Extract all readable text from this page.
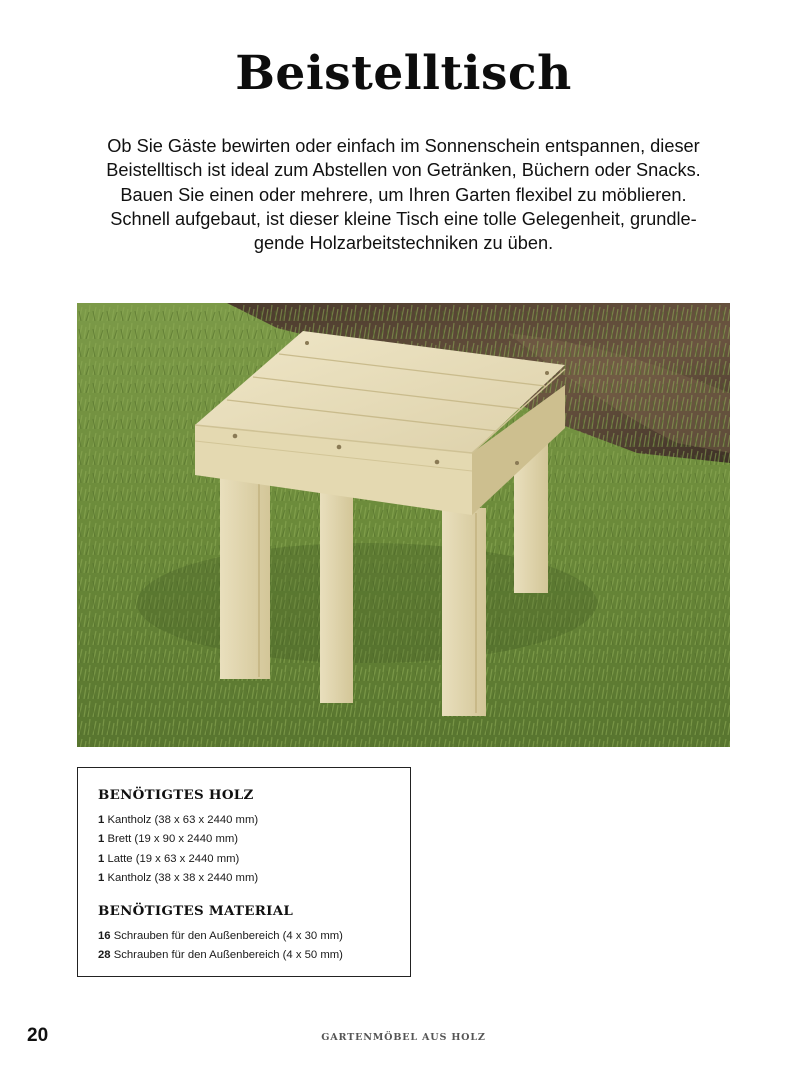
Beistelltisch
Ob Sie Gäste bewirten oder einfach im Sonnenschein entspannen, dieser
Beistelltisch ist ideal zum Abstellen von Getränken, Büchern oder Snacks.
Bauen Sie einen oder mehrere, um Ihren Garten flexibel zu möblieren.
Schnell aufgebaut, ist dieser kleine Tisch eine tolle Gelegenheit, grundle-
gende Holzarbeitstechniken zu üben.
BENÖTIGTES HOLZ
1 Kantholz (38 x 63 x 2440 mm)
1 Brett (19 x 90 x 2440 mm)
1 Latte (19 x 63 x 2440 mm)
1 Kantholz (38 x 38 x 2440 mm)
BENÖTIGTES MATERIAL
16 Schrauben für den Außenbereich (4 x 30 mm)
28 Schrauben für den Außenbereich (4 x 50 mm)
20	GARTENMÖBEL AUS HOLZ
